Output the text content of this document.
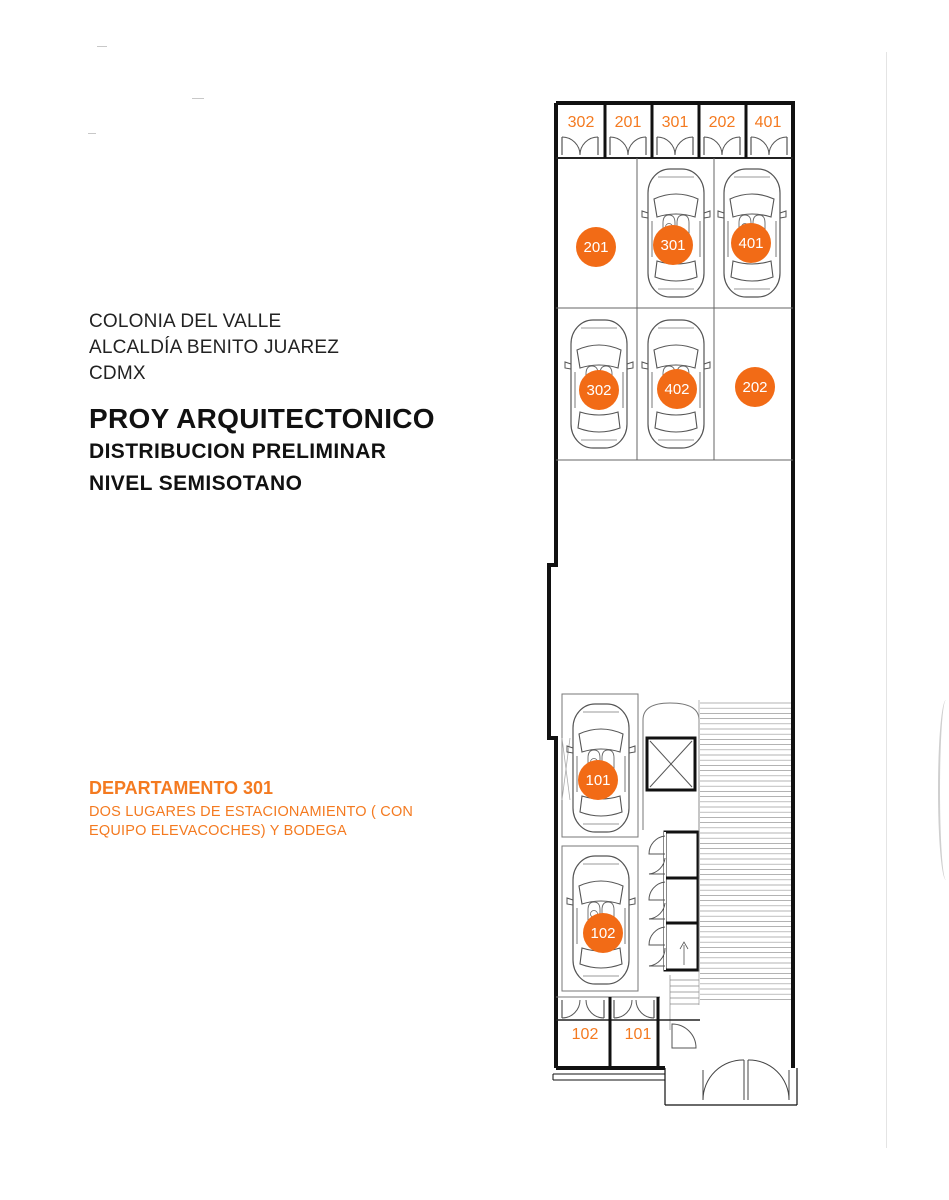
COLONIA DEL VALLE
ALCALDÍA BENITO JUAREZ
CDMX
PROY ARQUITECTONICO
DISTRIBUCION PRELIMINAR
NIVEL SEMISOTANO
DEPARTAMENTO 301
DOS LUGARES DE ESTACIONAMIENTO ( CON
EQUIPO ELEVACOCHES) Y BODEGA
302 201 301 202 401
201	301	401
302	402	202
101
102
102 101
